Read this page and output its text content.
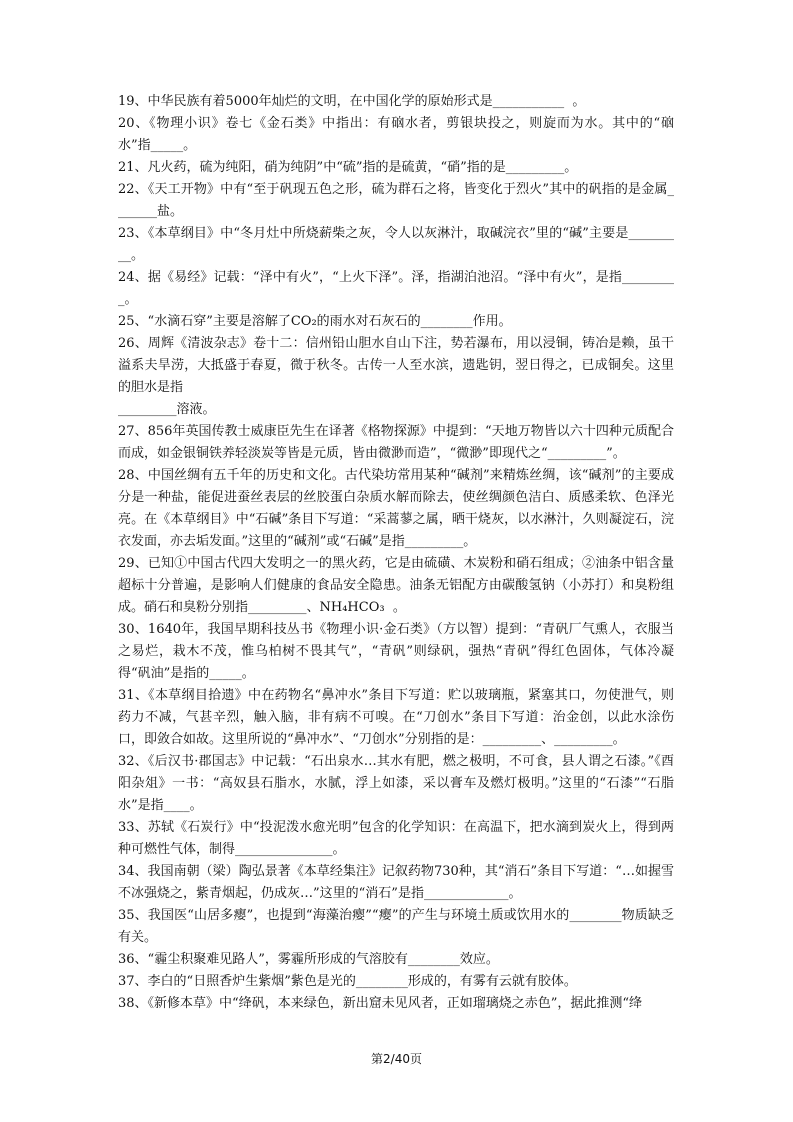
19、中华民族有着5000年灿烂的文明，在中国化学的原始形式是___________  。

20、《物理小识》卷七《金石类》中指出：有硇水者，剪银块投之，则旋而为水。其中的“硇水”指_____。

21、凡火药，硫为纯阳，硝为纯阴”中“硫”指的是硫黄，“硝”指的是_________。

22、《天工开物》中有“至于矾现五色之形，硫为群石之将，皆变化于烈火”其中的矾指的是金属_______盐。

23、《本草纲目》中“冬月灶中所烧薪柴之灰，令人以灰淋汁，取碱浣衣”里的“碱”主要是_________。

24、据《易经》记载：“泽中有火”，“上火下泽”。泽，指湖泊池沼。“泽中有火”，是指_________。

25、“水滴石穿”主要是溶解了CO₂的雨水对石灰石的________作用。

26、周辉《清波杂志》卷十二：信州铅山胆水自山下注，势若瀑布，用以浸铜，铸冶是赖，虽干溢系夫旱涝，大抵盛于春夏，微于秋冬。古传一人至水滨，遗匙钥，翌日得之，已成铜矣。这里的胆水是指
_________溶液。

27、856年英国传教士威康臣先生在译著《格物探源》中提到：“天地万物皆以六十四种元质配合而成，如金银铜铁养轻淡炭等皆是元质，皆由微渺而造”，“微渺”即现代之“_________”。

28、中国丝绸有五千年的历史和文化。古代染坊常用某种“碱剂”来精炼丝绸，该“碱剂”的主要成分是一种盐，能促进蚕丝表层的丝胶蛋白杂质水解而除去，使丝绸颜色洁白、质感柔软、色泽光亮。在《本草纲目》中“石碱”条目下写道：“采蒿蓼之属，晒干烧灰，以水淋汁，久则凝淀石，浣衣发面，亦去垢发面。”这里的“碱剂”或“石碱”是指_________。

29、已知①中国古代四大发明之一的黑火药，它是由硫磺、木炭粉和硝石组成；②油条中铝含量超标十分普遍，是影响人们健康的食品安全隐患。油条无铝配方由碳酸氢钠（小苏打）和臭粉组成。硝石和臭粉分别指_________、NH₄HCO₃  。

30、1640年，我国早期科技丛书《物理小识·金石类》（方以智）提到：“青矾厂气熏人，衣服当之易烂，栽木不茂，惟乌柏树不畏其气”，“青矾”则绿矾，强热“青矾”得红色固体，气体冷凝得“矾油”是指的_____。

31、《本草纲目拾遗》中在药物名“鼻冲水”条目下写道：贮以玻璃瓶，紧塞其口，勿使泄气，则药力不减，气甚辛烈，触入脑，非有病不可嗅。在“刀创水”条目下写道：治金创，以此水涂伤口，即敛合如故。这里所说的“鼻冲水”、“刀创水”分别指的是：_________、_________。

32、《后汉书·郡国志》中记载：“石出泉水…其水有肥，燃之极明，不可食，县人谓之石漆。”《酉阳杂俎》一书：“高奴县石脂水，水腻，浮上如漆，采以膏车及燃灯极明。”这里的“石漆”“石脂水”是指____。

33、苏轼《石炭行》中“投泥泼水愈光明”包含的化学知识：在高温下，把水滴到炭火上，得到两种可燃性气体，制得_______________。

34、我国南朝（梁）陶弘景著《本草经集注》记叙药物730种，其“消石”条目下写道：“…如握雪不冰强烧之，紫青烟起，仍成灰…”这里的“消石”是指_____________。

35、我国医“山居多瘿”，也提到“海藻治瘿”“瘿”的产生与环境土质或饮用水的________物质缺乏有关。

36、“霾尘积聚难见路人”，雾霾所形成的气溶胶有________效应。

37、李白的“日照香炉生紫烟”紫色是光的________形成的，有雾有云就有胶体。

38、《新修本草》中“绛矾，本来绿色，新出窟未见风者，正如瑠璃烧之赤色”，据此推测“绛

第2/40页
